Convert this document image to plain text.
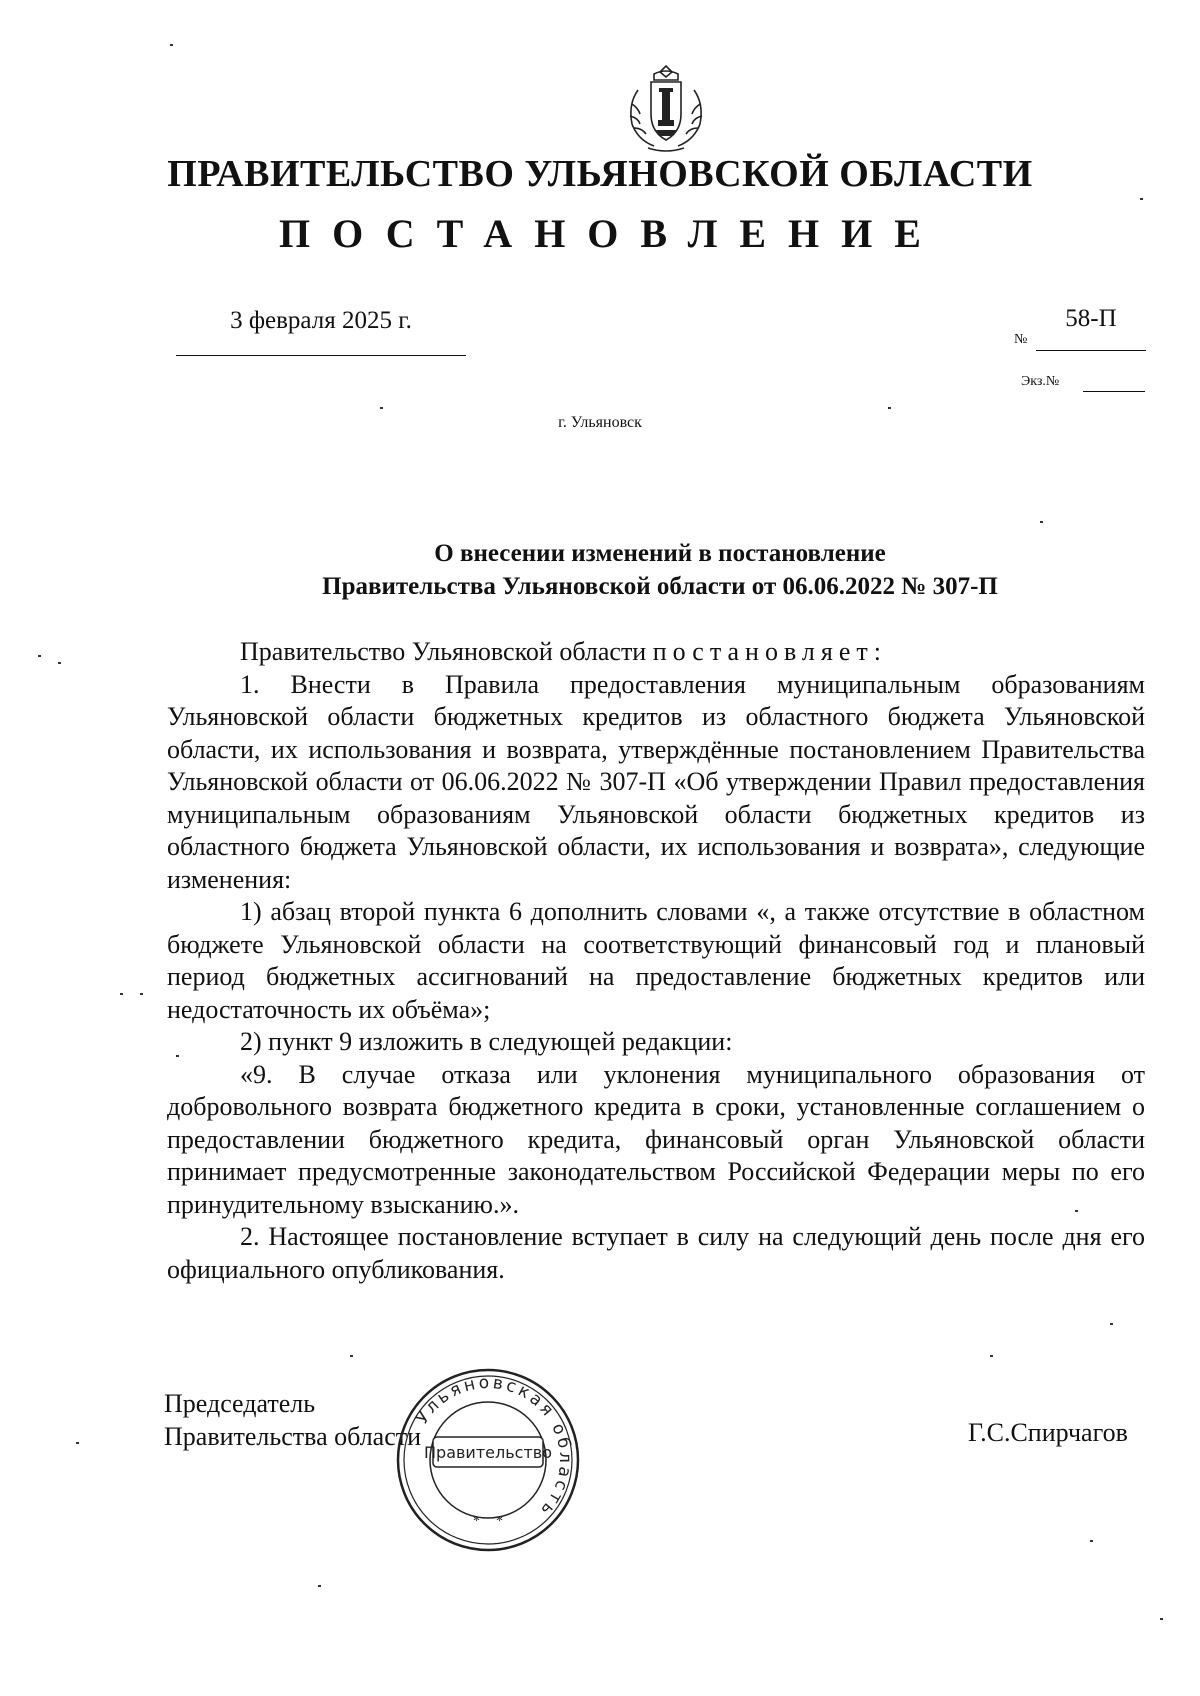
ПРАВИТЕЛЬСТВО УЛЬЯНОВСКОЙ ОБЛАСТИ
ПОСТАНОВЛЕНИЕ
3 февраля 2025 г.
№
58-П
Экз.№
г. Ульяновск
О внесении изменений в постановление
Правительства Ульяновской области от 06.06.2022 № 307-П

Правительство Ульяновской области постановляет:

1. Внести в Правила предоставления муниципальным образованиям Ульяновской области бюджетных кредитов из областного бюджета Ульяновской области, их использования и возврата, утверждённые постановлением Правительства Ульяновской области от 06.06.2022 № 307-П «Об утверждении Правил предоставления муниципальным образованиям Ульяновской области бюджетных кредитов из областного бюджета Ульяновской области, их использования и возврата», следующие изменения:

1) абзац второй пункта 6 дополнить словами «, а также отсутствие в областном бюджете Ульяновской области на соответствующий финансовый год и плановый период бюджетных ассигнований на предоставление бюджетных кредитов или недостаточность их объёма»;

2) пункт 9 изложить в следующей редакции:

«9. В случае отказа или уклонения муниципального образования от добровольного возврата бюджетного кредита в сроки, установленные соглашением о предоставлении бюджетного кредита, финансовый орган Ульяновской области принимает предусмотренные законодательством Российской Федерации меры по его принудительному взысканию.».

2. Настоящее постановление вступает в силу на следующий день после дня его официального опубликования.

Председатель
Правительства области	Г.С.Спирчагов
Ульяновская область
Правительство
* *
